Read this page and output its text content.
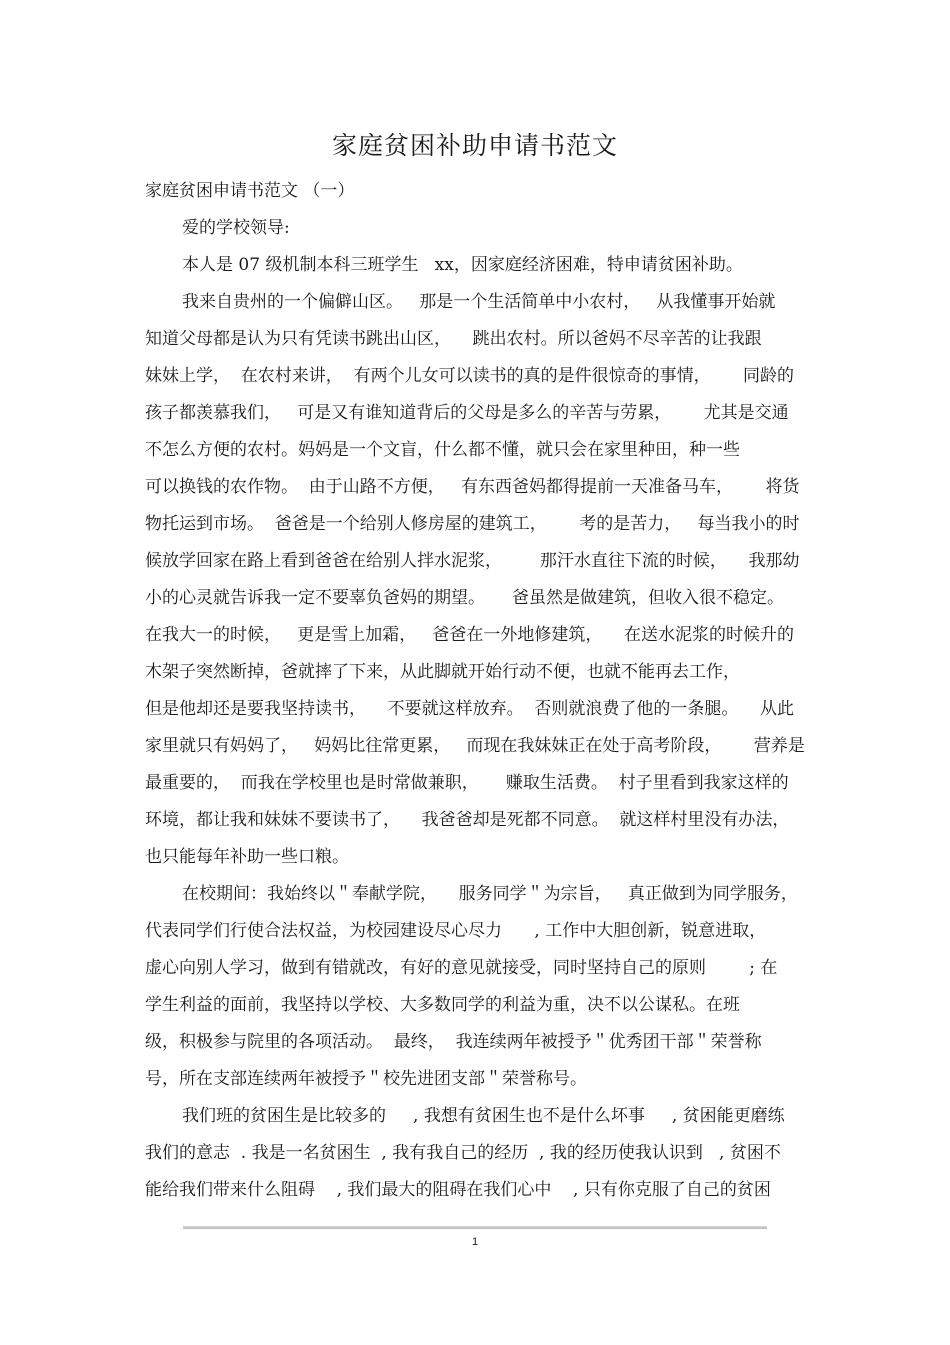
家庭贫困补助申请书范文
家庭贫困申请书范文 （一）
爱的学校领导:
本人是 07 级机制本科三班学生   xx，因家庭经济困难，特申请贫困补助。
我来自贵州的一个偏僻山区。   那是一个生活简单中小农村，   从我懂事开始就
知道父母都是认为只有凭读书跳出山区，    跳出农村。所以爸妈不尽辛苦的让我跟
妹妹上学，  在农村来讲，  有两个儿女可以读书的真的是件很惊奇的事情，      同龄的
孩子都羡慕我们，   可是又有谁知道背后的父母是多么的辛苦与劳累，      尤其是交通
不怎么方便的农村。妈妈是一个文盲，什么都不懂，就只会在家里种田，种一些
可以换钱的农作物。  由于山路不方便，   有东西爸妈都得提前一天准备马车，      将货
物托运到市场。  爸爸是一个给别人修房屋的建筑工，      考的是苦力，   每当我小的时
候放学回家在路上看到爸爸在给别人拌水泥浆，       那汗水直往下流的时候，    我那幼
小的心灵就告诉我一定不要辜负爸妈的期望。     爸虽然是做建筑，但收入很不稳定。
在我大一的时候，   更是雪上加霜，   爸爸在一外地修建筑，    在送水泥浆的时候升的
木架子突然断掉，爸就摔了下来，从此脚就开始行动不便，也就不能再去工作，
但是他却还是要我坚持读书，    不要就这样放弃。  否则就浪费了他的一条腿。    从此
家里就只有妈妈了，   妈妈比往常更累，   而现在我妹妹正在处于高考阶段，      营养是
最重要的，  而我在学校里也是时常做兼职，     赚取生活费。  村子里看到我家这样的
环境，都让我和妹妹不要读书了，    我爸爸却是死都不同意。  就这样村里没有办法，
也只能每年补助一些口粮。
在校期间：我始终以＂奉献学院，    服务同学＂为宗旨，   真正做到为同学服务，
代表同学们行使合法权益，为校园建设尽心尽力      , 工作中大胆创新，锐意进取，
虚心向别人学习，做到有错就改，有好的意见就接受，同时坚持自己的原则        ; 在
学生利益的面前，我坚持以学校、大多数同学的利益为重，决不以公谋私。在班
级，积极参与院里的各项活动。  最终，  我连续两年被授予＂优秀团干部＂荣誉称
号，所在支部连续两年被授予＂校先进团支部＂荣誉称号。
我们班的贫困生是比较多的     , 我想有贫困生也不是什么坏事     , 贫困能更磨练
我们的意志  . 我是一名贫困生  , 我有我自己的经历  , 我的经历使我认识到   , 贫困不
能给我们带来什么阻碍    , 我们最大的阻碍在我们心中    , 只有你克服了自己的贫困
1
